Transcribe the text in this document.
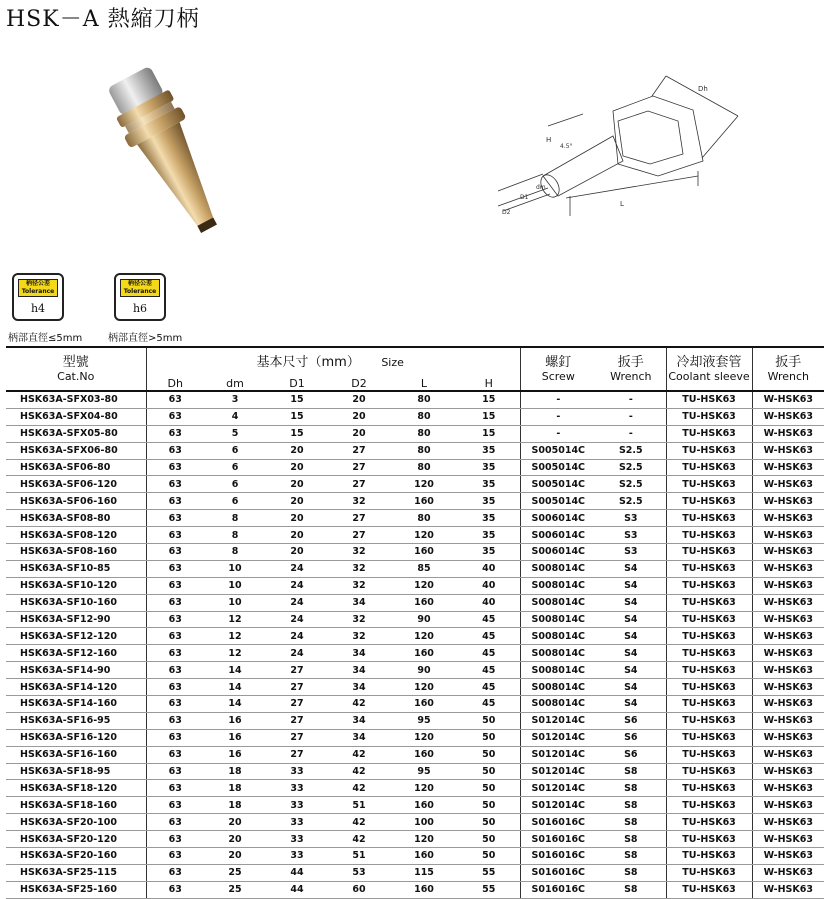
HSK－A 熱縮刀柄
Dh
H
4.5°
dm
D1
D2
L
柄径公差
Tolerance
h4
柄部直徑≤5mm
柄径公差
Tolerance
h6
柄部直徑>5mm
型號	基本尺寸（mm） Size						螺釘	扳手	冷却液套管	扳手
Cat.No	Dh	dm	D1	D2	L	H	Screw	Wrench	Coolant sleeve	Wrench
HSK63A-SFX03-80	63	3	15	20	80	15	-	-	TU-HSK63	W-HSK63
HSK63A-SFX04-80	63	4	15	20	80	15	-	-	TU-HSK63	W-HSK63
HSK63A-SFX05-80	63	5	15	20	80	15	-	-	TU-HSK63	W-HSK63
HSK63A-SFX06-80	63	6	20	27	80	35	S005014C	S2.5	TU-HSK63	W-HSK63
HSK63A-SF06-80	63	6	20	27	80	35	S005014C	S2.5	TU-HSK63	W-HSK63
HSK63A-SF06-120	63	6	20	27	120	35	S005014C	S2.5	TU-HSK63	W-HSK63
HSK63A-SF06-160	63	6	20	32	160	35	S005014C	S2.5	TU-HSK63	W-HSK63
HSK63A-SF08-80	63	8	20	27	80	35	S006014C	S3	TU-HSK63	W-HSK63
HSK63A-SF08-120	63	8	20	27	120	35	S006014C	S3	TU-HSK63	W-HSK63
HSK63A-SF08-160	63	8	20	32	160	35	S006014C	S3	TU-HSK63	W-HSK63
HSK63A-SF10-85	63	10	24	32	85	40	S008014C	S4	TU-HSK63	W-HSK63
HSK63A-SF10-120	63	10	24	32	120	40	S008014C	S4	TU-HSK63	W-HSK63
HSK63A-SF10-160	63	10	24	34	160	40	S008014C	S4	TU-HSK63	W-HSK63
HSK63A-SF12-90	63	12	24	32	90	45	S008014C	S4	TU-HSK63	W-HSK63
HSK63A-SF12-120	63	12	24	32	120	45	S008014C	S4	TU-HSK63	W-HSK63
HSK63A-SF12-160	63	12	24	34	160	45	S008014C	S4	TU-HSK63	W-HSK63
HSK63A-SF14-90	63	14	27	34	90	45	S008014C	S4	TU-HSK63	W-HSK63
HSK63A-SF14-120	63	14	27	34	120	45	S008014C	S4	TU-HSK63	W-HSK63
HSK63A-SF14-160	63	14	27	42	160	45	S008014C	S4	TU-HSK63	W-HSK63
HSK63A-SF16-95	63	16	27	34	95	50	S012014C	S6	TU-HSK63	W-HSK63
HSK63A-SF16-120	63	16	27	34	120	50	S012014C	S6	TU-HSK63	W-HSK63
HSK63A-SF16-160	63	16	27	42	160	50	S012014C	S6	TU-HSK63	W-HSK63
HSK63A-SF18-95	63	18	33	42	95	50	S012014C	S8	TU-HSK63	W-HSK63
HSK63A-SF18-120	63	18	33	42	120	50	S012014C	S8	TU-HSK63	W-HSK63
HSK63A-SF18-160	63	18	33	51	160	50	S012014C	S8	TU-HSK63	W-HSK63
HSK63A-SF20-100	63	20	33	42	100	50	S016016C	S8	TU-HSK63	W-HSK63
HSK63A-SF20-120	63	20	33	42	120	50	S016016C	S8	TU-HSK63	W-HSK63
HSK63A-SF20-160	63	20	33	51	160	50	S016016C	S8	TU-HSK63	W-HSK63
HSK63A-SF25-115	63	25	44	53	115	55	S016016C	S8	TU-HSK63	W-HSK63
HSK63A-SF25-160	63	25	44	60	160	55	S016016C	S8	TU-HSK63	W-HSK63
